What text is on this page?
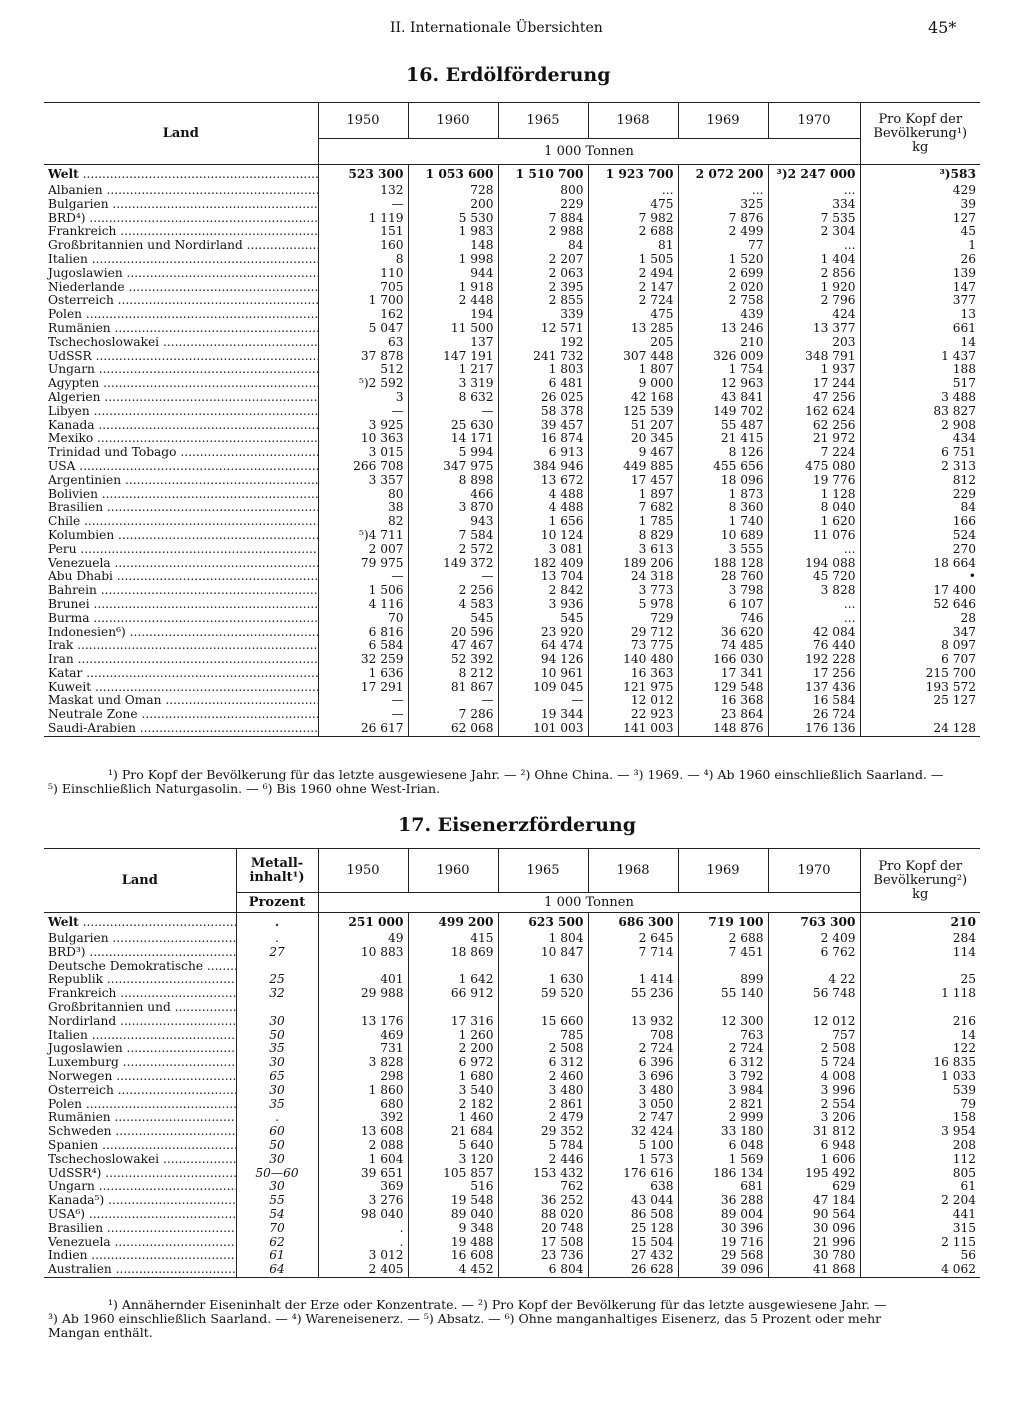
II. Internationale Übersichten	45*
16. Erdölförderung
Land	1950	1960	1965	1968	1969	1970	Pro Kopf der Bevölkerung¹) kg
	1 000 Tonnen						
Welt .....	523 300	1 053 600	1 510 700	1 923 700	2 072 200	³)2 247 000	³)583
Albanien .....	132	728	800	...	...	...	429
Bulgarien .....	—	200	229	475	325	334	39
BRD⁴) .....	1 119	5 530	7 884	7 982	7 876	7 535	127
Frankreich .....	151	1 983	2 988	2 688	2 499	2 304	45
Großbritannien und Nordirland .....	160	148	84	81	77	...	1
Italien .....	8	1 998	2 207	1 505	1 520	1 404	26
Jugoslawien .....	110	944	2 063	2 494	2 699	2 856	139
Niederlande .....	705	1 918	2 395	2 147	2 020	1 920	147
Österreich .....	1 700	2 448	2 855	2 724	2 758	2 796	377
Polen .....	162	194	339	475	439	424	13
Rumänien .....	5 047	11 500	12 571	13 285	13 246	13 377	661
Tschechoslowakei .....	63	137	192	205	210	203	14
UdSSR .....	37 878	147 191	241 732	307 448	326 009	348 791	1 437
Ungarn .....	512	1 217	1 803	1 807	1 754	1 937	188
Ägypten .....	⁵)2 592	3 319	6 481	9 000	12 963	17 244	517
Algerien .....	3	8 632	26 025	42 168	43 841	47 256	3 488
Libyen .....	—	—	58 378	125 539	149 702	162 624	83 827
Kanada .....	3 925	25 630	39 457	51 207	55 487	62 256	2 908
Mexiko .....	10 363	14 171	16 874	20 345	21 415	21 972	434
Trinidad und Tobago .....	3 015	5 994	6 913	9 467	8 126	7 224	6 751
USA .....	266 708	347 975	384 946	449 885	455 656	475 080	2 313
Argentinien .....	3 357	8 898	13 672	17 457	18 096	19 776	812
Bolivien .....	80	466	4 488	1 897	1 873	1 128	229
Brasilien .....	38	3 870	4 488	7 682	8 360	8 040	84
Chile .....	82	943	1 656	1 785	1 740	1 620	166
Kolumbien .....	⁵)4 711	7 584	10 124	8 829	10 689	11 076	524
Peru .....	2 007	2 572	3 081	3 613	3 555	...	270
Venezuela .....	79 975	149 372	182 409	189 206	188 128	194 088	18 664
Abu Dhabi .....	—	—	13 704	24 318	28 760	45 720	•
Bahrein .....	1 506	2 256	2 842	3 773	3 798	3 828	17 400
Brunei .....	4 116	4 583	3 936	5 978	6 107	...	52 646
Burma .....	70	545	545	729	746	...	28
Indonesien⁶) .....	6 816	20 596	23 920	29 712	36 620	42 084	347
Irak .....	6 584	47 467	64 474	73 775	74 485	76 440	8 097
Iran .....	32 259	52 392	94 126	140 480	166 030	192 228	6 707
Katar .....	1 636	8 212	10 961	16 363	17 341	17 256	215 700
Kuweit .....	17 291	81 867	109 045	121 975	129 548	137 436	193 572
Maskat und Oman .....	—	—	—	12 012	16 368	16 584	25 127
Neutrale Zone .....	—	7 286	19 344	22 923	23 864	26 724	
Saudi-Arabien .....	26 617	62 068	101 003	141 003	148 876	176 136	24 128
¹) Pro Kopf der Bevölkerung für das letzte ausgewiesene Jahr. — ²) Ohne China. — ³) 1969. — ⁴) Ab 1960 einschließlich Saarland. —
⁵) Einschließlich Naturgasolin. — ⁶) Bis 1960 ohne West-Irian.
17. Eisenerzförderung
Land	Metall-inhalt¹)	1950	1960	1965	1968	1969	1970	Pro Kopf der Bevölkerung²) kg
	Prozent	1 000 Tonnen						
Welt .....	.	251 000	499 200	623 500	686 300	719 100	763 300	210
Bulgarien .....	.	49	415	1 804	2 645	2 688	2 409	284
BRD³) .....	27	10 883	18 869	10 847	7 714	7 451	6 762	114
Deutsche Demokratische .....								
Republik .....	25	401	1 642	1 630	1 414	899	4 22	25
Frankreich .....	32	29 988	66 912	59 520	55 236	55 140	56 748	1 118
Großbritannien und .....								
Nordirland .....	30	13 176	17 316	15 660	13 932	12 300	12 012	216
Italien .....	50	469	1 260	785	708	763	757	14
Jugoslawien .....	35	731	2 200	2 508	2 724	2 724	2 508	122
Luxemburg .....	30	3 828	6 972	6 312	6 396	6 312	5 724	16 835
Norwegen .....	65	298	1 680	2 460	3 696	3 792	4 008	1 033
Österreich .....	30	1 860	3 540	3 480	3 480	3 984	3 996	539
Polen .....	35	680	2 182	2 861	3 050	2 821	2 554	79
Rumänien .....	.	392	1 460	2 479	2 747	2 999	3 206	158
Schweden .....	60	13 608	21 684	29 352	32 424	33 180	31 812	3 954
Spanien .....	50	2 088	5 640	5 784	5 100	6 048	6 948	208
Tschechoslowakei .....	30	1 604	3 120	2 446	1 573	1 569	1 606	112
UdSSR⁴) .....	50—60	39 651	105 857	153 432	176 616	186 134	195 492	805
Ungarn .....	30	369	516	762	638	681	629	61
Kanada⁵) .....	55	3 276	19 548	36 252	43 044	36 288	47 184	2 204
USA⁶) .....	54	98 040	89 040	88 020	86 508	89 004	90 564	441
Brasilien .....	70	.	9 348	20 748	25 128	30 396	30 096	315
Venezuela .....	62	.	19 488	17 508	15 504	19 716	21 996	2 115
Indien .....	61	3 012	16 608	23 736	27 432	29 568	30 780	56
Australien .....	64	2 405	4 452	6 804	26 628	39 096	41 868	4 062
¹) Annähernder Eiseninhalt der Erze oder Konzentrate. — ²) Pro Kopf der Bevölkerung für das letzte ausgewiesene Jahr. —
³) Ab 1960 einschließlich Saarland. — ⁴) Wareneisenerz. — ⁵) Absatz. — ⁶) Ohne manganhaltiges Eisenerz, das 5 Prozent oder mehr
Mangan enthält.
